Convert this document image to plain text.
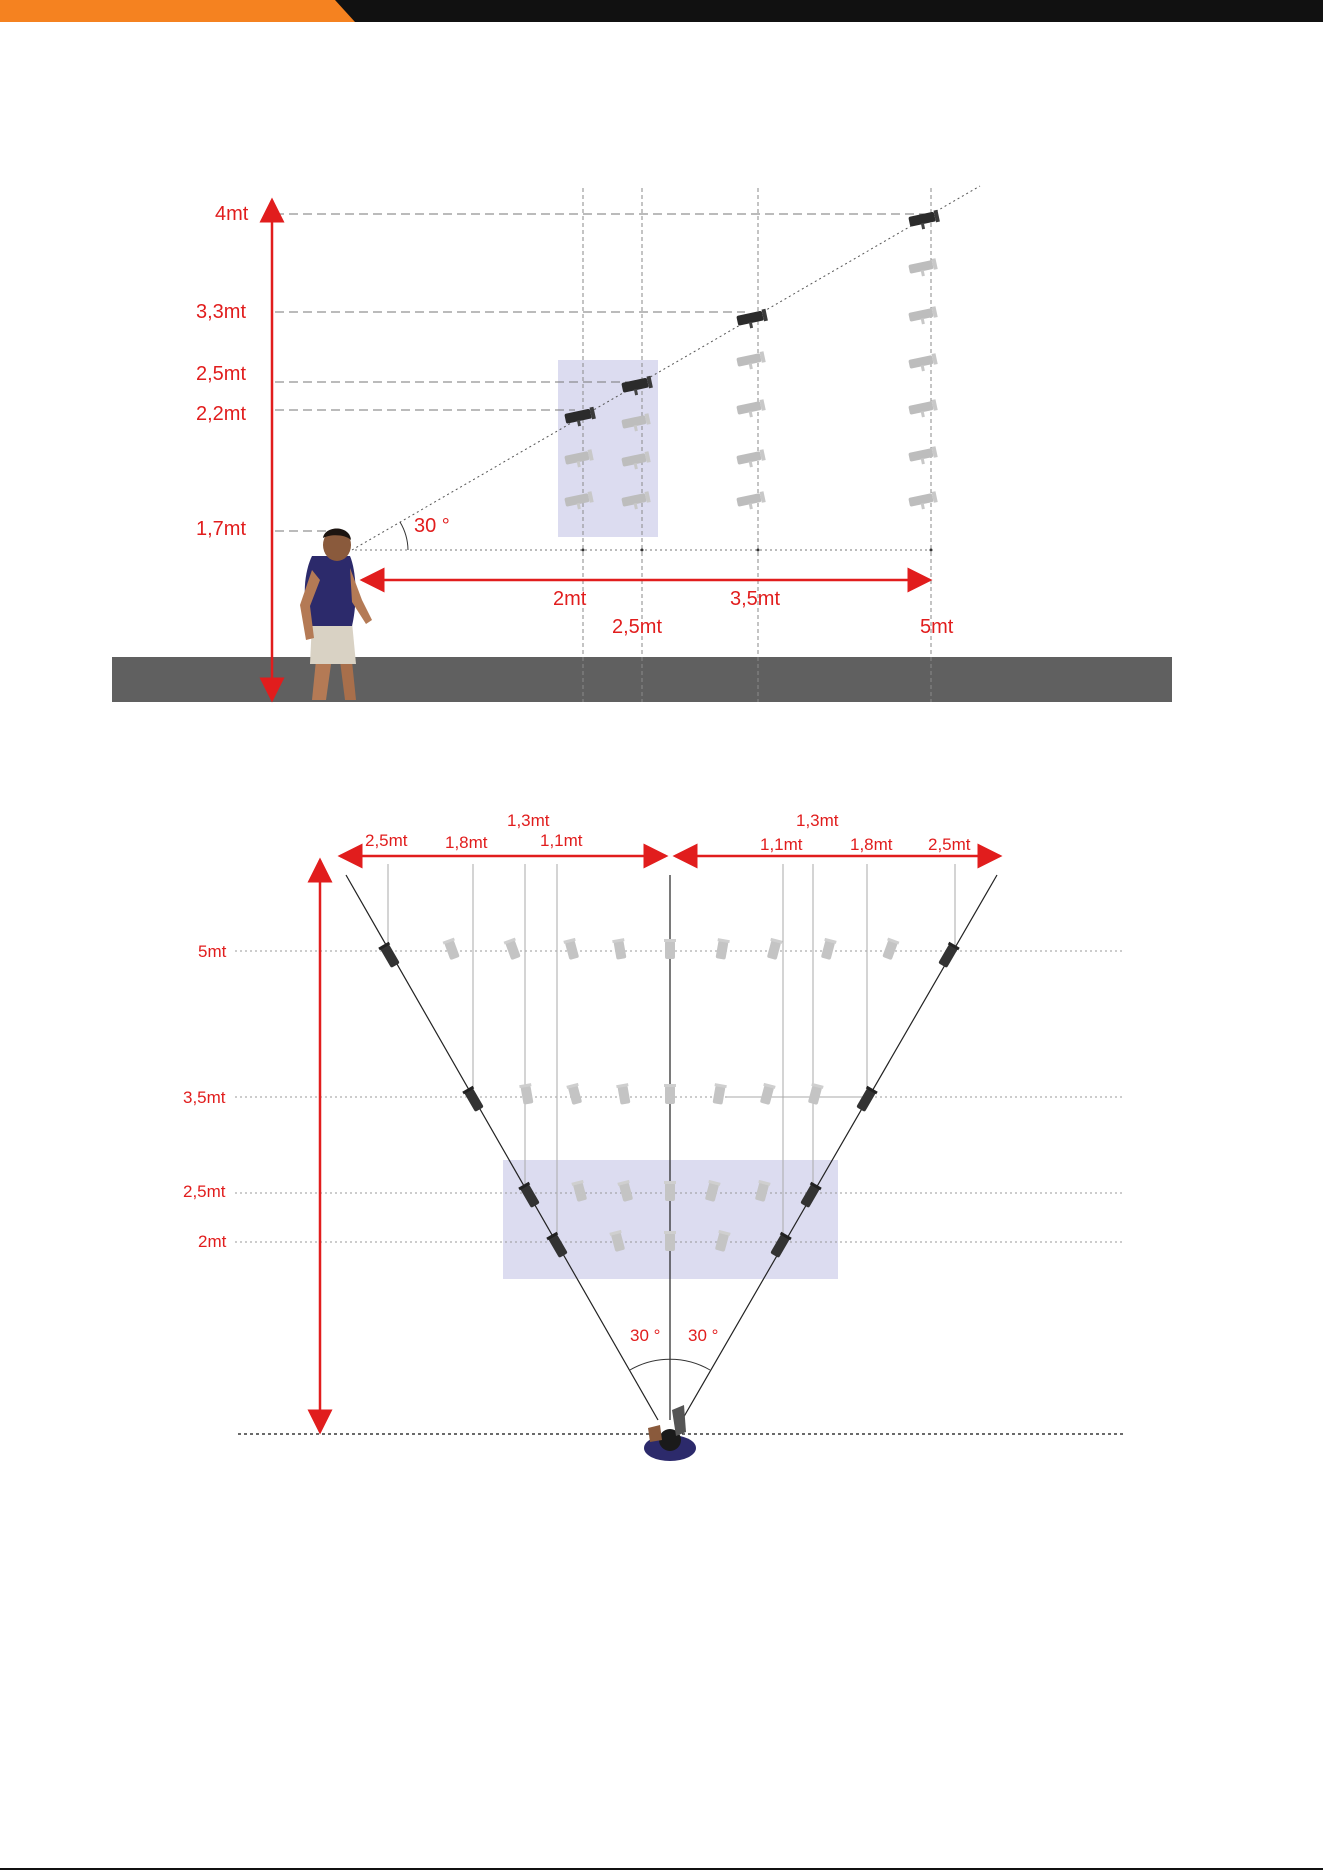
4mt
3,3mt
2,5mt
2,2mt
1,7mt	30 °
2mt
2,5mt
3,5mt
5mt
5mt
3,5mt
2,5mt
2mt
2,5mt 1,8mt
1,3mt
1,1mt
1,3mt
1,1mt	1,8mt 2,5mt
30 ° 30 °
